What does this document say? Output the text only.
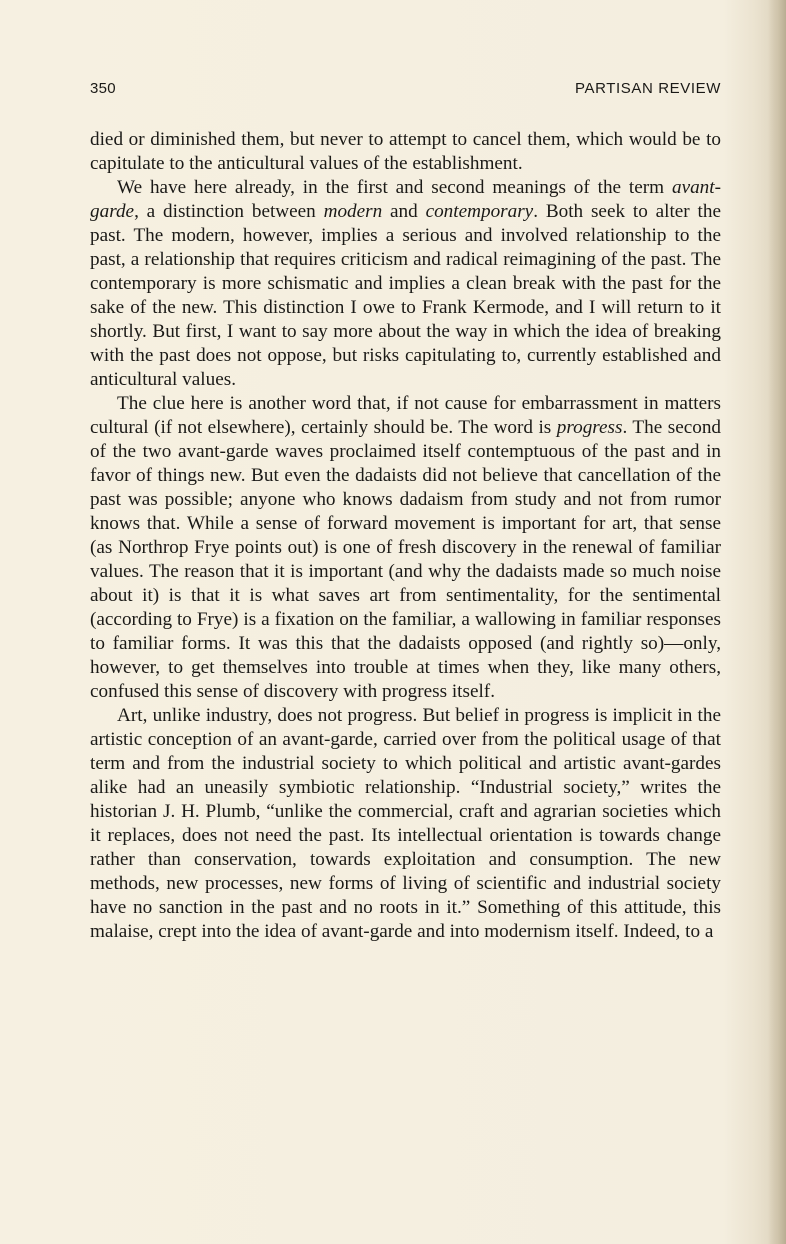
350	PARTISAN REVIEW

died or diminished them, but never to attempt to cancel them, which would be to capitulate to the anticultural values of the establishment.

We have here already, in the first and second meanings of the term avant-garde, a distinction between modern and contemporary. Both seek to alter the past. The modern, however, implies a serious and involved relationship to the past, a relationship that requires criticism and radical reimagining of the past. The contemporary is more schismatic and implies a clean break with the past for the sake of the new. This distinction I owe to Frank Kermode, and I will return to it shortly. But first, I want to say more about the way in which the idea of breaking with the past does not oppose, but risks capitulating to, currently established and anticultural values.

The clue here is another word that, if not cause for embarrassment in matters cultural (if not elsewhere), certainly should be. The word is progress. The second of the two avant-garde waves proclaimed itself contemptuous of the past and in favor of things new. But even the dadaists did not believe that cancellation of the past was possible; anyone who knows dadaism from study and not from rumor knows that. While a sense of forward movement is important for art, that sense (as Northrop Frye points out) is one of fresh discovery in the renewal of familiar values. The reason that it is important (and why the dadaists made so much noise about it) is that it is what saves art from sentimentality, for the sentimental (according to Frye) is a fixation on the familiar, a wallowing in familiar responses to familiar forms. It was this that the dadaists opposed (and rightly so)—only, however, to get themselves into trouble at times when they, like many others, confused this sense of discovery with progress itself.

Art, unlike industry, does not progress. But belief in progress is implicit in the artistic conception of an avant-garde, carried over from the political usage of that term and from the industrial society to which political and artistic avant-gardes alike had an uneasily symbiotic relationship. “Industrial society,” writes the historian J. H. Plumb, “unlike the commercial, craft and agrarian societies which it replaces, does not need the past. Its intellectual orientation is towards change rather than conservation, towards exploitation and consumption. The new methods, new processes, new forms of living of scientific and industrial society have no sanction in the past and no roots in it.” Something of this attitude, this malaise, crept into the idea of avant-garde and into modernism itself. Indeed, to a
